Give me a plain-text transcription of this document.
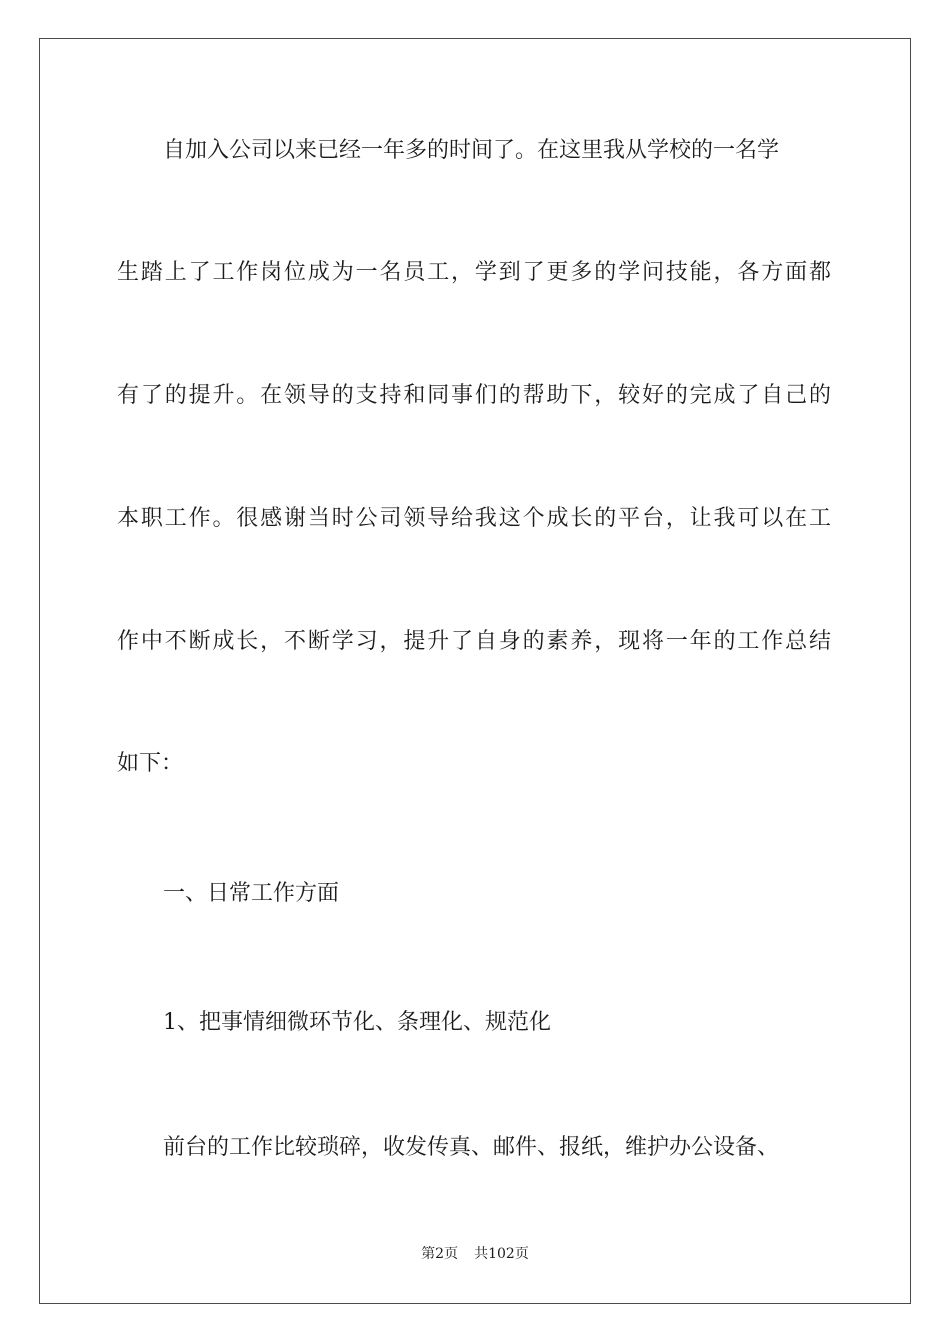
自加入公司以来已经一年多的时间了。在这里我从学校的一名学
生踏上了工作岗位成为一名员工，学到了更多的学问技能，各方面都
有了的提升。在领导的支持和同事们的帮助下，较好的完成了自己的
本职工作。很感谢当时公司领导给我这个成长的平台，让我可以在工
作中不断成长，不断学习，提升了自身的素养，现将一年的工作总结
如下：
一、日常工作方面
1、把事情细微环节化、条理化、规范化
前台的工作比较琐碎，收发传真、邮件、报纸，维护办公设备、
第2页 共102页
